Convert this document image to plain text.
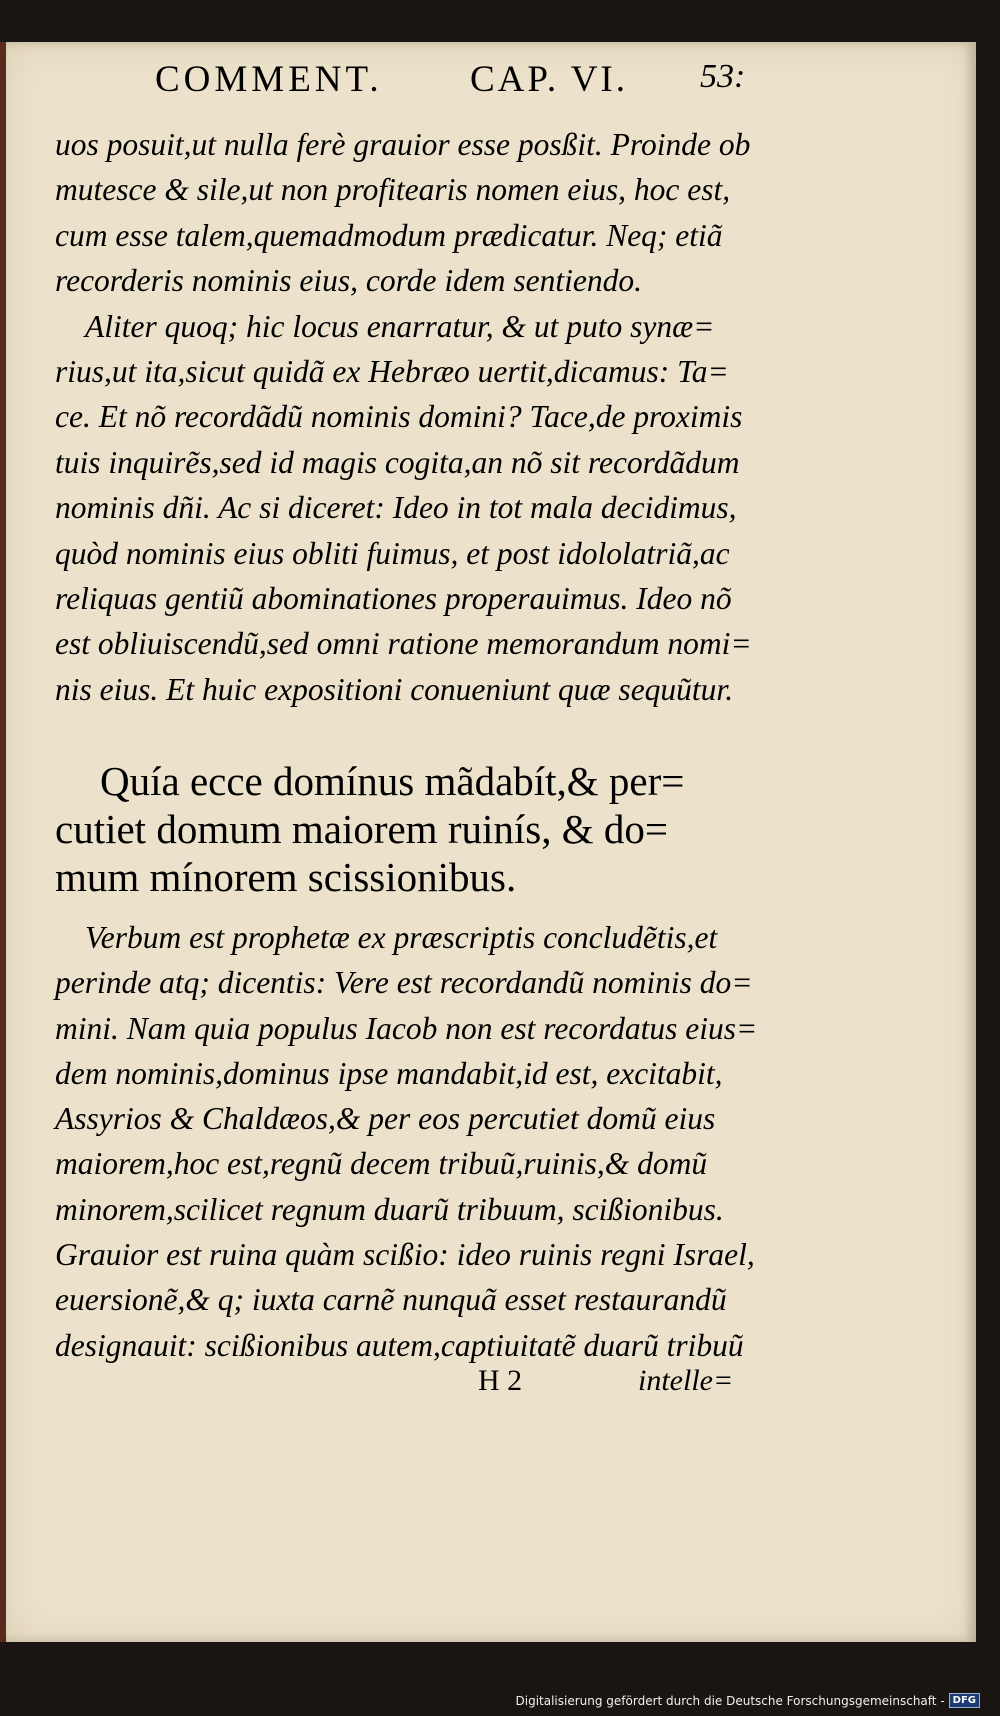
COMMENT. CAP. VI. 53:
uos posuit,ut nulla ferè grauior esse posßit. Proinde ob
mutesce & sile,ut non profitearis nomen eius, hoc est,
cum esse talem,quemadmodum prædicatur. Neq; etiã
recorderis nominis eius, corde idem sentiendo.
Aliter quoq; hic locus enarratur, & ut puto synæ=
rius,ut ita,sicut quidã ex Hebræo uertit,dicamus: Ta=
ce. Et nõ recordãdũ nominis domini? Tace,de proximis
tuis inquirẽs,sed id magis cogita,an nõ sit recordãdum
nominis dñi. Ac si diceret: Ideo in tot mala decidimus,
quòd nominis eius obliti fuimus, et post idololatriã,ac
reliquas gentiũ abominationes properauimus. Ideo nõ
est obliuiscendũ,sed omni ratione memorandum nomi=
nis eius. Et huic expositioni conueniunt quæ sequũtur.
Quía ecce domínus mãdabít,& per=
cutiet domum maiorem ruinís, & do=
mum mínorem scissionibus.
Verbum est prophetæ ex præscriptis concludẽtis,et
perinde atq; dicentis: Vere est recordandũ nominis do=
mini. Nam quia populus Iacob non est recordatus eius=
dem nominis,dominus ipse mandabit,id est, excitabit,
Assyrios & Chaldæos,& per eos percutiet domũ eius
maiorem,hoc est,regnũ decem tribuũ,ruinis,& domũ
minorem,scilicet regnum duarũ tribuum, scißionibus.
Grauior est ruina quàm scißio: ideo ruinis regni Israel,
euersionẽ,& q; iuxta carnẽ nunquã esset restaurandũ
designauit: scißionibus autem,captiuitatẽ duarũ tribuũ
H 2	intelle=
Digitalisierung gefördert durch die Deutsche Forschungsgemeinschaft - DFG
